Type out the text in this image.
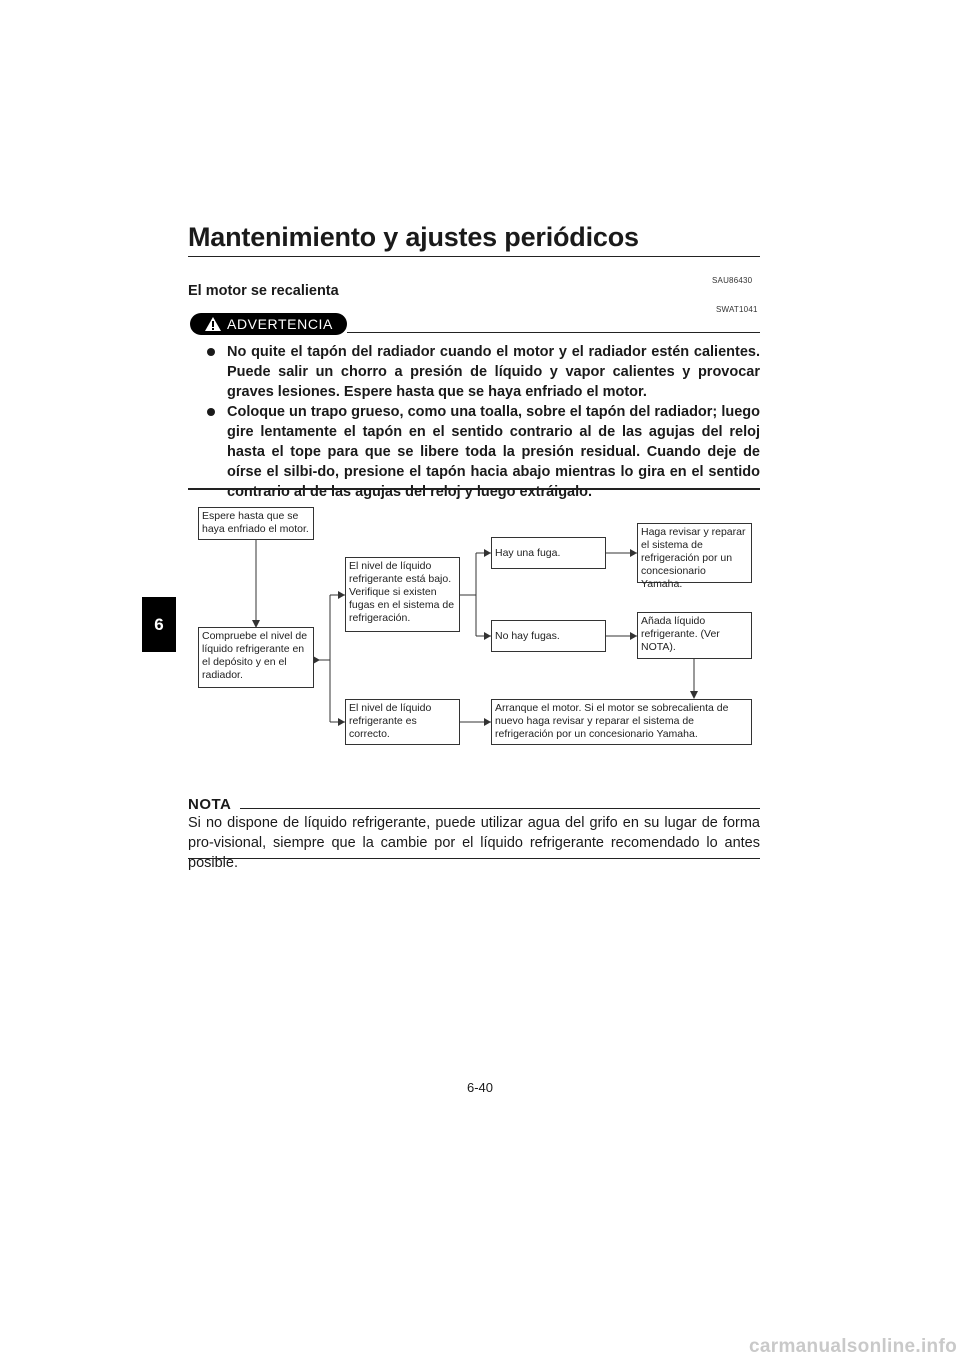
Mantenimiento y ajustes periódicos
6
SAU86430
El motor se recalienta
SWAT1041
ADVERTENCIA
No quite el tapón del radiador cuando el motor y el radiador estén calientes. Puede salir un chorro a presión de líquido y vapor calientes y provocar graves lesiones. Espere hasta que se haya enfriado el motor.
Coloque un trapo grueso, como una toalla, sobre el tapón del radiador; luego gire lentamente el tapón en el sentido contrario al de las agujas del reloj hasta el tope para que se libere toda la presión residual. Cuando deje de oírse el silbi-do, presione el tapón hacia abajo mientras lo gira en el sentido contrario al de las agujas del reloj y luego extráigalo.
Espere hasta que se haya enfriado el motor.
Compruebe el nivel de líquido refrigerante en el depósito y en el radiador.
El nivel de líquido refrigerante está bajo. Verifique si existen fugas en el sistema de refrigeración.
El nivel de líquido refrigerante es correcto.
Hay una fuga.
No hay fugas.
Haga revisar y reparar el sistema de refrigeración por un concesionario Yamaha.
Añada líquido refrigerante. (Ver NOTA).
Arranque el motor. Si el motor se sobrecalienta de nuevo haga revisar y reparar el sistema de refrigeración por un concesionario Yamaha.
NOTA
Si no dispone de líquido refrigerante, puede utilizar agua del grifo en su lugar de forma pro-visional, siempre que la cambie por el líquido refrigerante recomendado lo antes posible.
6-40
carmanualsonline.info
